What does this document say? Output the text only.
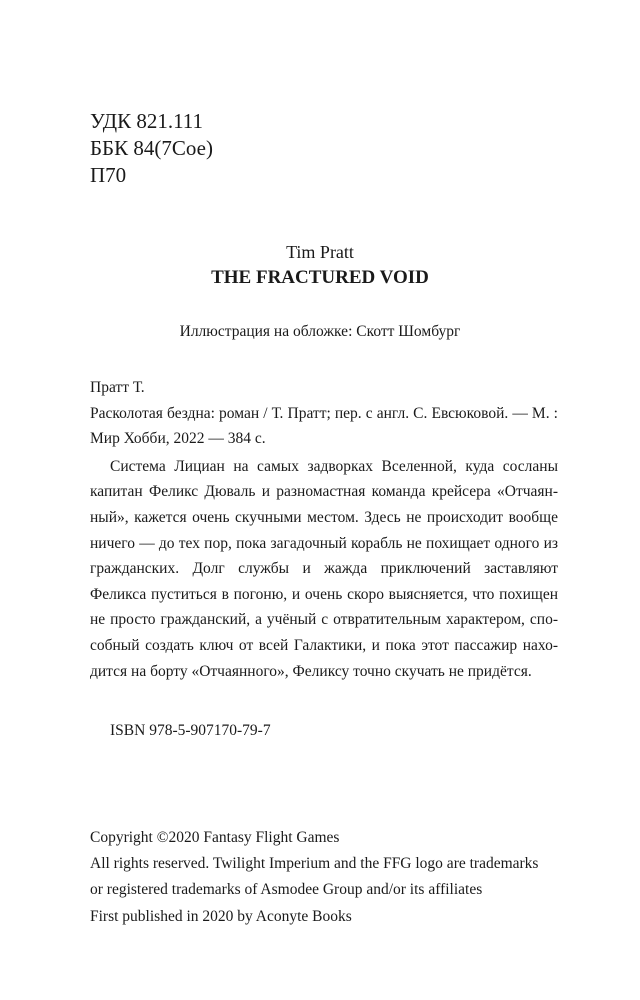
УДК 821.111
ББК 84(7Сое)
П70
Tim Pratt
THE FRACTURED VOID
Иллюстрация на обложке: Скотт Шомбург

Пратт Т.

Расколотая бездна: роман / Т. Пратт; пер. с англ. С. Евсюковой. — М. : Мир Хобби, 2022 — 384 с.

Система Лициан на самых задворках Вселенной, куда сосланы капитан Феликс Дюваль и разномастная команда крейсера «Отчаянный», кажется очень скучными местом. Здесь не происходит вообще ничего — до тех пор, пока загадочный корабль не похищает одного из гражданских. Долг службы и жажда приключений заставляют Феликса пуститься в погоню, и очень скоро выясняется, что похищен не просто гражданский, а учёный с отвратительным характером, способный создать ключ от всей Галактики, и пока этот пассажир находится на борту «Отчаянного», Феликсу точно скучать не придётся.

ISBN 978-5-907170-79-7
Copyright ©2020 Fantasy Flight Games
All rights reserved. Twilight Imperium and the FFG logo are trademarks
or registered trademarks of Asmodee Group and/or its affiliates
First published in 2020 by Aconyte Books
